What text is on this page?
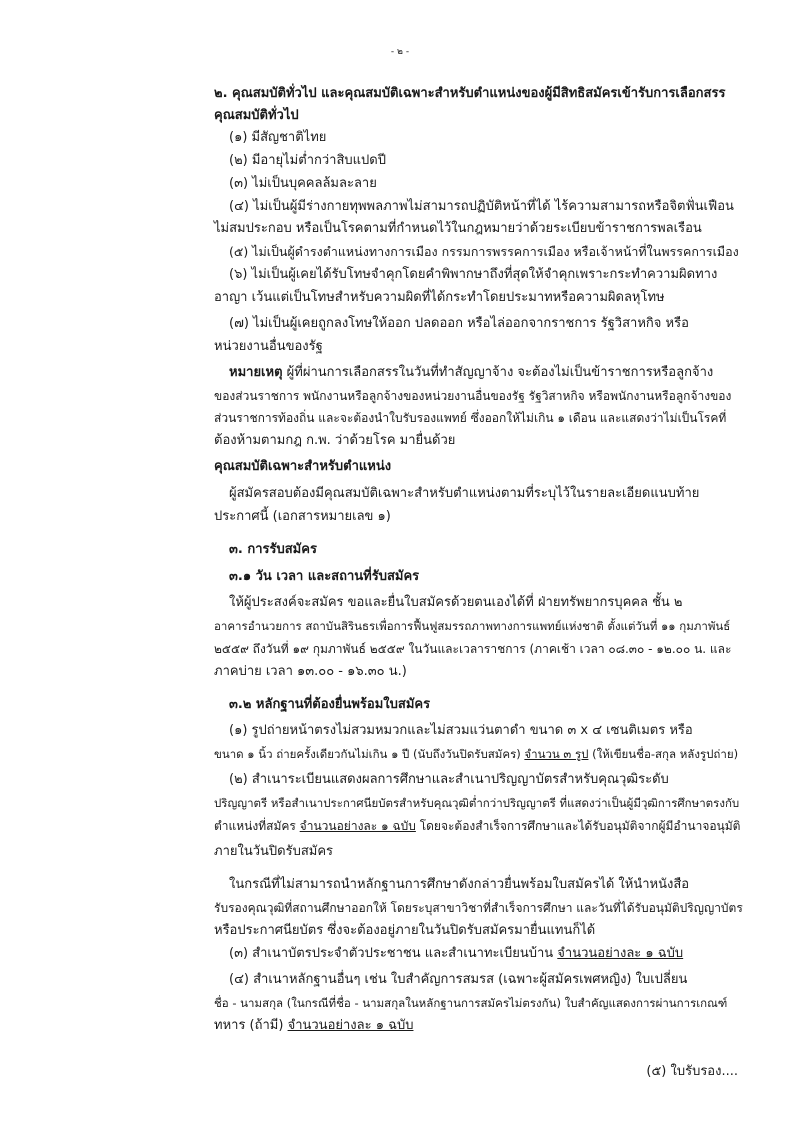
- ๒ -
๒. คุณสมบัติทั่วไป และคุณสมบัติเฉพาะสำหรับตำแหน่งของผู้มีสิทธิสมัครเข้ารับการเลือกสรร
คุณสมบัติทั่วไป
(๑) มีสัญชาติไทย
(๒) มีอายุไม่ต่ำกว่าสิบแปดปี
(๓) ไม่เป็นบุคคลล้มละลาย
(๔) ไม่เป็นผู้มีร่างกายทุพพลภาพไม่สามารถปฏิบัติหน้าที่ได้ ไร้ความสามารถหรือจิตฟั่นเฟือน
ไม่สมประกอบ หรือเป็นโรคตามที่กำหนดไว้ในกฎหมายว่าด้วยระเบียบข้าราชการพลเรือน
(๕) ไม่เป็นผู้ดำรงตำแหน่งทางการเมือง กรรมการพรรคการเมือง หรือเจ้าหน้าที่ในพรรคการเมือง
(๖) ไม่เป็นผู้เคยได้รับโทษจำคุกโดยคำพิพากษาถึงที่สุดให้จำคุกเพราะกระทำความผิดทาง
อาญา เว้นแต่เป็นโทษสำหรับความผิดที่ได้กระทำโดยประมาทหรือความผิดลหุโทษ
(๗) ไม่เป็นผู้เคยถูกลงโทษให้ออก ปลดออก หรือไล่ออกจากราชการ รัฐวิสาหกิจ หรือ
หน่วยงานอื่นของรัฐ
หมายเหตุ ผู้ที่ผ่านการเลือกสรรในวันที่ทำสัญญาจ้าง จะต้องไม่เป็นข้าราชการหรือลูกจ้าง
ของส่วนราชการ พนักงานหรือลูกจ้างของหน่วยงานอื่นของรัฐ รัฐวิสาหกิจ หรือพนักงานหรือลูกจ้างของ
ส่วนราชการท้องถิ่น และจะต้องนำใบรับรองแพทย์ ซึ่งออกให้ไม่เกิน ๑ เดือน และแสดงว่าไม่เป็นโรคที่
ต้องห้ามตามกฎ ก.พ. ว่าด้วยโรค มายื่นด้วย
คุณสมบัติเฉพาะสำหรับตำแหน่ง
ผู้สมัครสอบต้องมีคุณสมบัติเฉพาะสำหรับตำแหน่งตามที่ระบุไว้ในรายละเอียดแนบท้าย
ประกาศนี้ (เอกสารหมายเลข ๑)
๓. การรับสมัคร
๓.๑ วัน เวลา และสถานที่รับสมัคร
ให้ผู้ประสงค์จะสมัคร ขอและยื่นใบสมัครด้วยตนเองได้ที่ ฝ่ายทรัพยากรบุคคล ชั้น ๒
อาคารอำนวยการ สถาบันสิรินธรเพื่อการฟื้นฟูสมรรถภาพทางการแพทย์แห่งชาติ ตั้งแต่วันที่ ๑๑ กุมภาพันธ์
๒๕๕๙ ถึงวันที่ ๑๙ กุมภาพันธ์ ๒๕๕๙ ในวันและเวลาราชการ (ภาคเช้า เวลา ๐๘.๓๐ - ๑๒.๐๐ น. และ
ภาคบ่าย เวลา ๑๓.๐๐ - ๑๖.๓๐ น.)
๓.๒ หลักฐานที่ต้องยื่นพร้อมใบสมัคร
(๑) รูปถ่ายหน้าตรงไม่สวมหมวกและไม่สวมแว่นตาดำ ขนาด ๓ x ๔ เซนติเมตร หรือ
ขนาด ๑ นิ้ว ถ่ายครั้งเดียวกันไม่เกิน ๑ ปี (นับถึงวันปิดรับสมัคร) จำนวน ๓ รูป (ให้เขียนชื่อ-สกุล หลังรูปถ่าย)
(๒) สำเนาระเบียนแสดงผลการศึกษาและสำเนาปริญญาบัตรสำหรับคุณวุฒิระดับ
ปริญญาตรี หรือสำเนาประกาศนียบัตรสำหรับคุณวุฒิต่ำกว่าปริญญาตรี ที่แสดงว่าเป็นผู้มีวุฒิการศึกษาตรงกับ
ตำแหน่งที่สมัคร จำนวนอย่างละ ๑ ฉบับ โดยจะต้องสำเร็จการศึกษาและได้รับอนุมัติจากผู้มีอำนาจอนุมัติ
ภายในวันปิดรับสมัคร
ในกรณีที่ไม่สามารถนำหลักฐานการศึกษาดังกล่าวยื่นพร้อมใบสมัครได้ ให้นำหนังสือ
รับรองคุณวุฒิที่สถานศึกษาออกให้ โดยระบุสาขาวิชาที่สำเร็จการศึกษา และวันที่ได้รับอนุมัติปริญญาบัตร
หรือประกาศนียบัตร ซึ่งจะต้องอยู่ภายในวันปิดรับสมัครมายื่นแทนก็ได้
(๓) สำเนาบัตรประจำตัวประชาชน และสำเนาทะเบียนบ้าน จำนวนอย่างละ ๑ ฉบับ
(๔) สำเนาหลักฐานอื่นๆ เช่น ใบสำคัญการสมรส (เฉพาะผู้สมัครเพศหญิง) ใบเปลี่ยน
ชื่อ - นามสกุล (ในกรณีที่ชื่อ - นามสกุลในหลักฐานการสมัครไม่ตรงกัน) ใบสำคัญแสดงการผ่านการเกณฑ์
ทหาร (ถ้ามี) จำนวนอย่างละ ๑ ฉบับ
(๕) ใบรับรอง....
